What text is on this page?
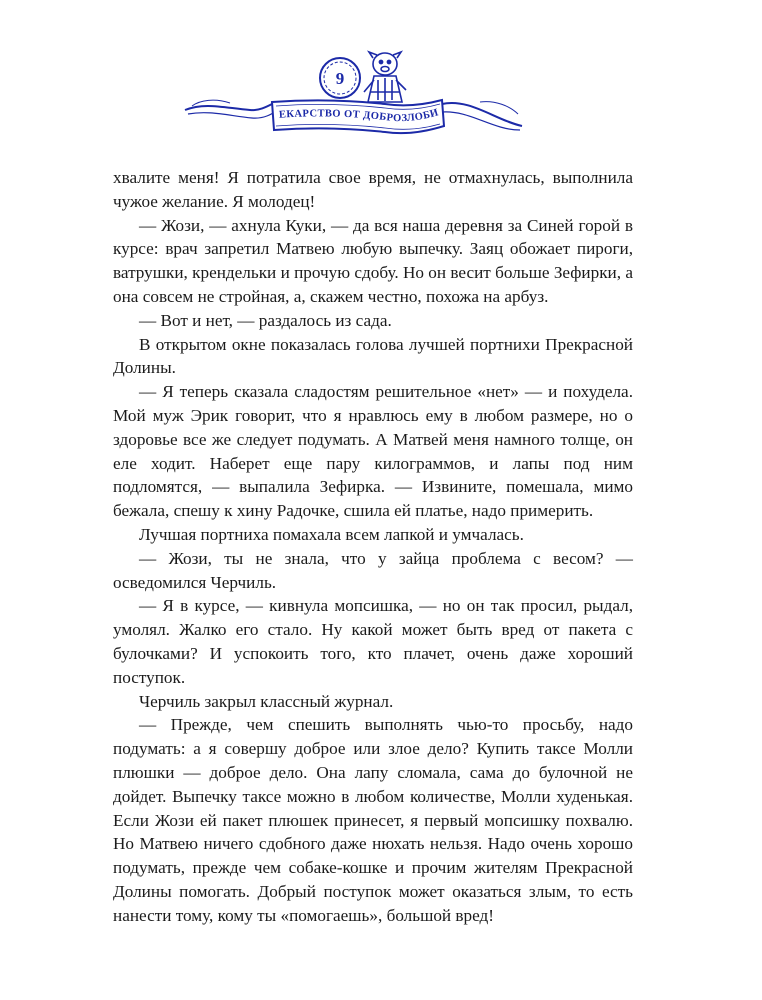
ЛЕКАРСТВО ОТ ДОБРОЗЛОБИЯ
9

хвалите меня! Я потратила свое время, не отмахнулась, выполнила чужое желание. Я молодец!

— Жози, — ахнула Куки, — да вся наша деревня за Синей горой в курсе: врач запретил Матвею любую выпечку. Заяц обожает пироги, ватрушки, крендельки и прочую сдобу. Но он весит больше Зефирки, а она совсем не стройная, а, скажем честно, похожа на арбуз.

— Вот и нет, — раздалось из сада.

В открытом окне показалась голова лучшей портнихи Прекрасной Долины.

— Я теперь сказала сладостям решительное «нет» — и похудела. Мой муж Эрик говорит, что я нравлюсь ему в любом размере, но о здоровье все же следует подумать. А Матвей меня намного толще, он еле ходит. Наберет еще пару килограммов, и лапы под ним подломятся, — выпалила Зефирка. — Извините, помешала, мимо бежала, спешу к хину Радочке, сшила ей платье, надо примерить.

Лучшая портниха помахала всем лапкой и умчалась.

— Жози, ты не знала, что у зайца проблема с весом? — осведомился Черчиль.

— Я в курсе, — кивнула мопсишка, — но он так просил, рыдал, умолял. Жалко его стало. Ну какой может быть вред от пакета с булочками? И успокоить того, кто плачет, очень даже хороший поступок.

Черчиль закрыл классный журнал.

— Прежде, чем спешить выполнять чью-то просьбу, надо подумать: а я совершу доброе или злое дело? Купить таксе Молли плюшки — доброе дело. Она лапу сломала, сама до булочной не дойдет. Выпечку таксе можно в любом количестве, Молли худенькая. Если Жози ей пакет плюшек принесет, я первый мопсишку похвалю. Но Матвею ничего сдобного даже нюхать нельзя. Надо очень хорошо подумать, прежде чем собаке-кошке и прочим жителям Прекрасной Долины помогать. Добрый поступок может оказаться злым, то есть нанести тому, кому ты «помогаешь», большой вред!
